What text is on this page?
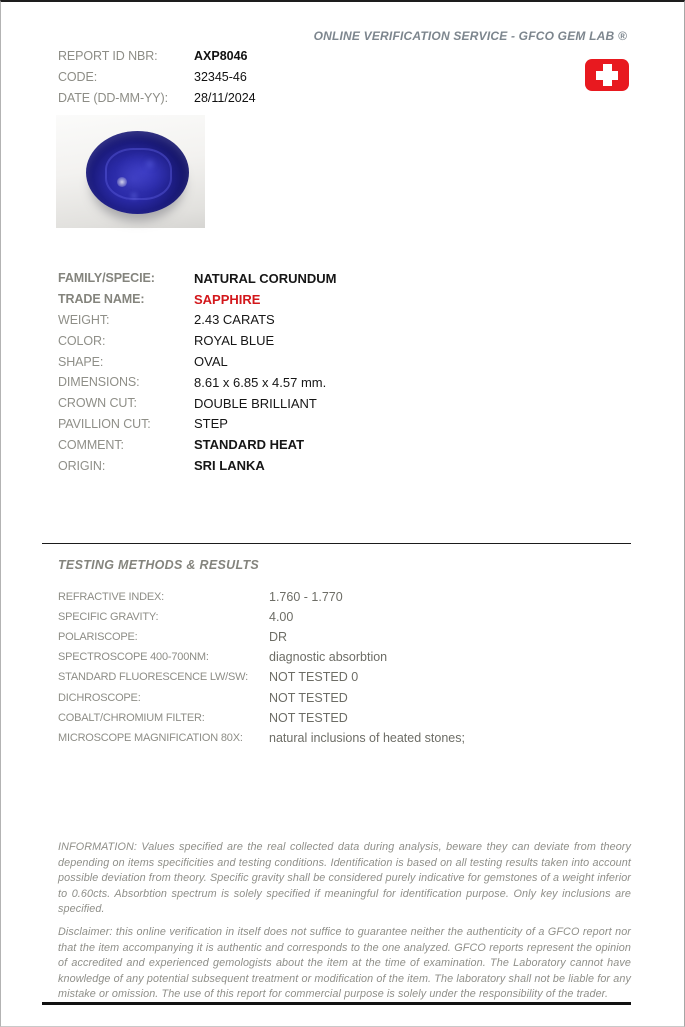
ONLINE VERIFICATION SERVICE - GFCO GEM LAB ®
REPORT ID NBR:	AXP8046
CODE:	32345-46
DATE (DD-MM-YY):	28/11/2024
FAMILY/SPECIE:	NATURAL CORUNDUM
TRADE NAME:	SAPPHIRE
WEIGHT:	2.43 CARATS
COLOR:	ROYAL BLUE
SHAPE:	OVAL
DIMENSIONS:	8.61 x 6.85 x 4.57 mm.
CROWN CUT:	DOUBLE BRILLIANT
PAVILLION CUT:	STEP
COMMENT:	STANDARD HEAT
ORIGIN:	SRI LANKA
TESTING METHODS & RESULTS
REFRACTIVE INDEX:	1.760 - 1.770
SPECIFIC GRAVITY:	4.00
POLARISCOPE:	DR
SPECTROSCOPE 400-700NM:	diagnostic absorbtion
STANDARD FLUORESCENCE LW/SW:	NOT TESTED 0
DICHROSCOPE:	NOT TESTED
COBALT/CHROMIUM FILTER:	NOT TESTED
MICROSCOPE MAGNIFICATION 80X:	natural inclusions of heated stones;
INFORMATION: Values specified are the real collected data during analysis, beware they can deviate from theory depending on items specificities and testing conditions. Identification is based on all testing results taken into account possible deviation from theory. Specific gravity shall be considered purely indicative for gemstones of a weight inferior to 0.60cts. Absorbtion spectrum is solely specified if meaningful for identification purpose. Only key inclusions are specified.
Disclaimer: this online verification in itself does not suffice to guarantee neither the authenticity of a GFCO report nor that the item accompanying it is authentic and corresponds to the one analyzed. GFCO reports represent the opinion of accredited and experienced gemologists about the item at the time of examination. The Laboratory cannot have knowledge of any potential subsequent treatment or modification of the item. The laboratory shall not be liable for any mistake or omission. The use of this report for commercial purpose is solely under the responsibility of the trader.
